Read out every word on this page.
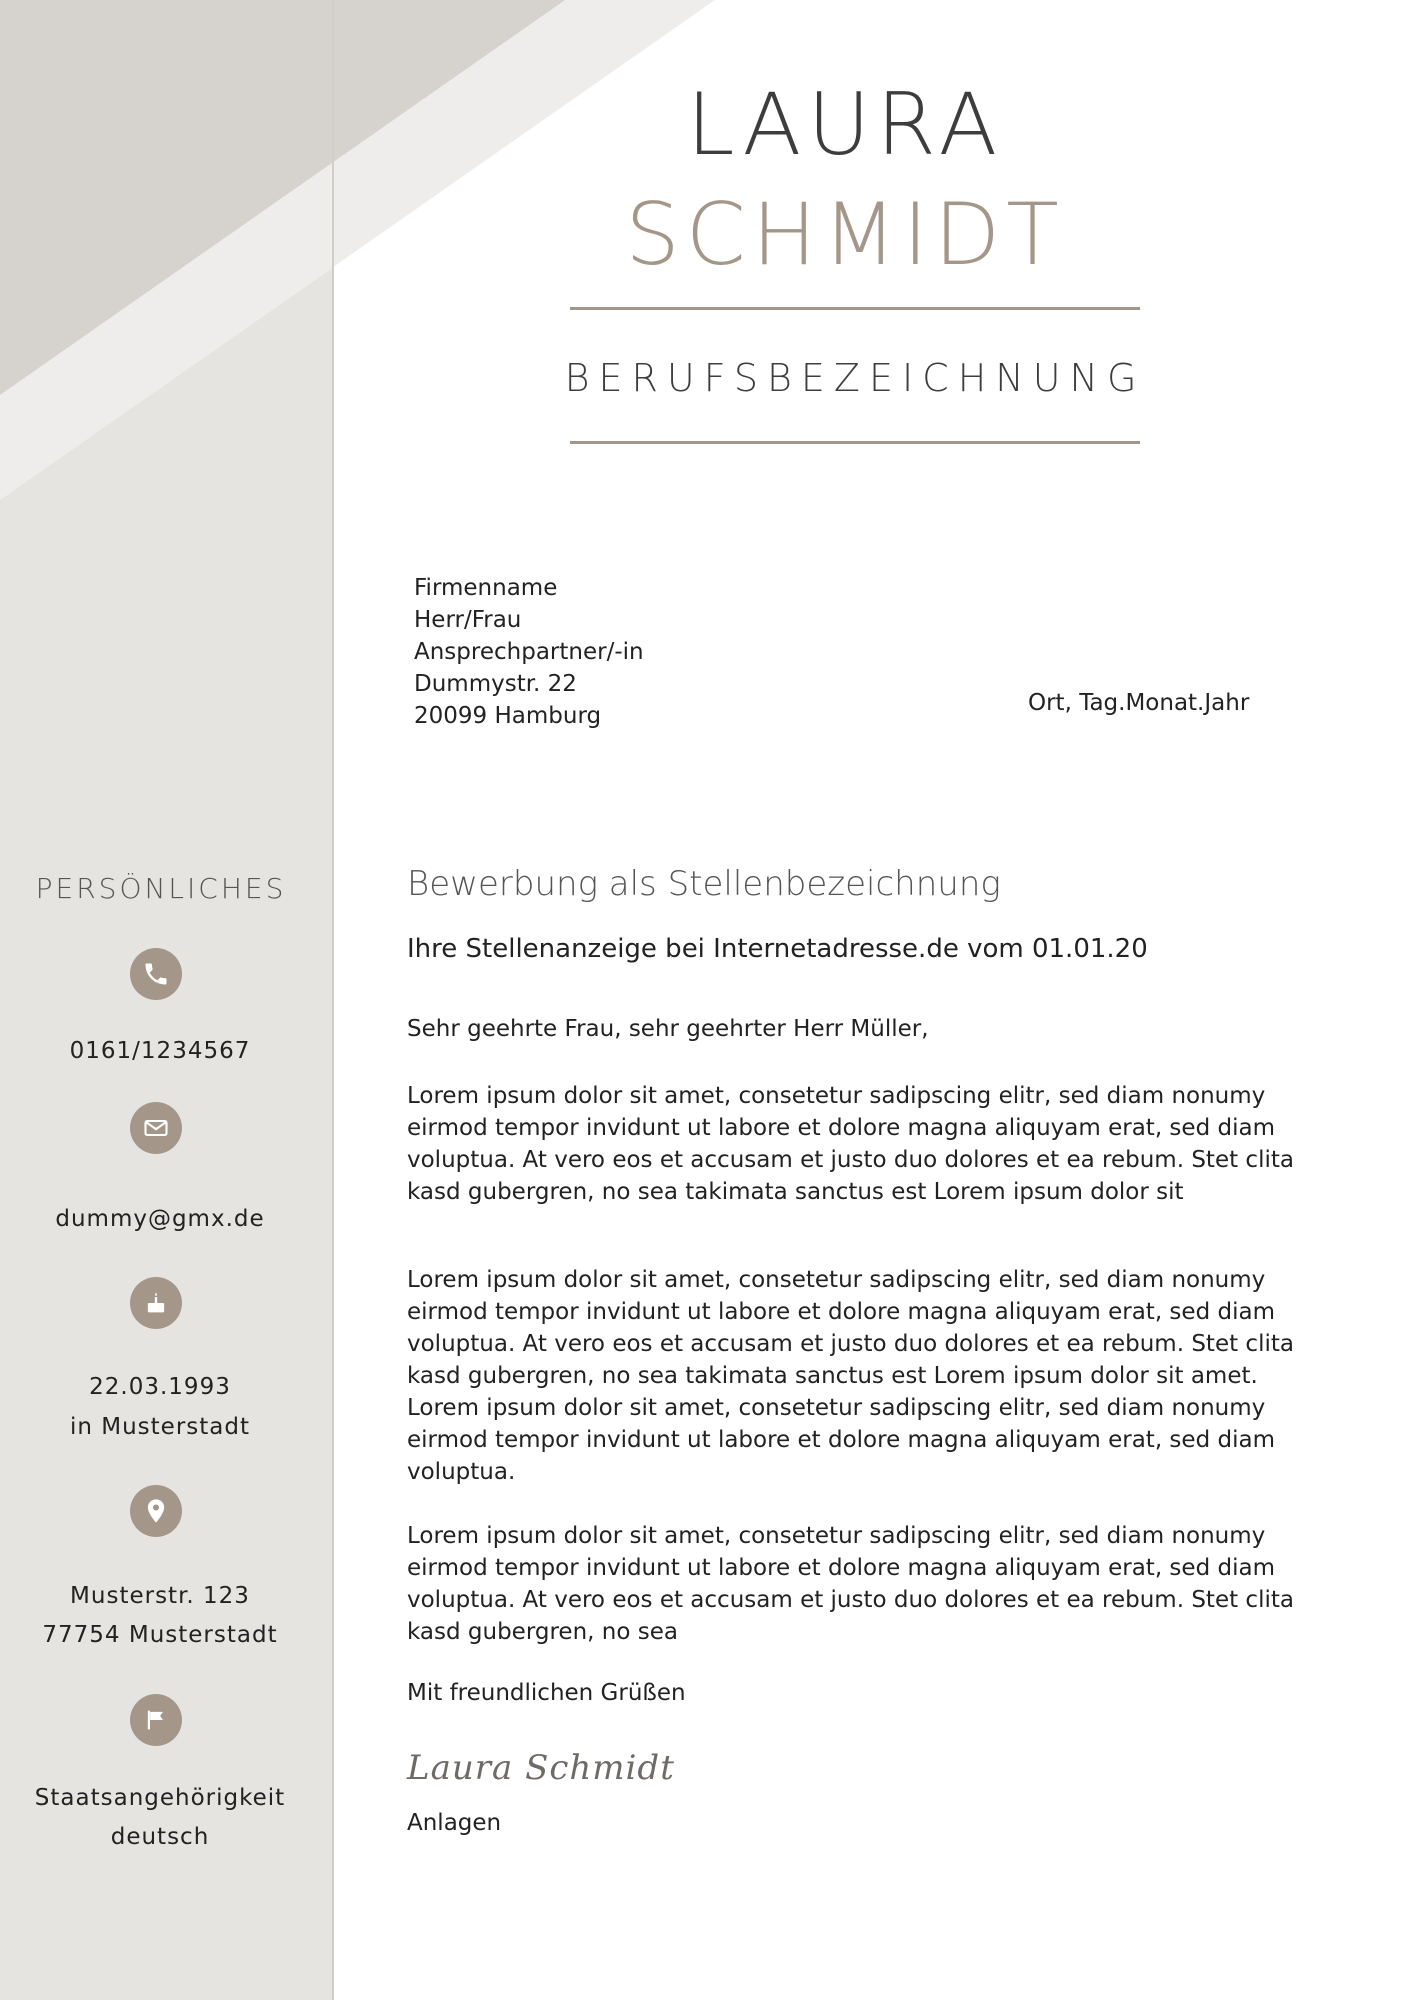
LAURA
SCHMIDT
BERUFSBEZEICHNUNG
Firmenname
Herr/Frau
Ansprechpartner/-in
Dummystr. 22
20099 Hamburg	Ort, Tag.Monat.Jahr
Bewerbung als Stellenbezeichnung
Ihre Stellenanzeige bei Internetadresse.de vom 01.01.20
Sehr geehrte Frau, sehr geehrter Herr Müller,

Lorem ipsum dolor sit amet, consetetur sadipscing elitr, sed diam nonumy eirmod tempor invidunt ut labore et dolore magna aliquyam erat, sed diam voluptua. At vero eos et accusam et justo duo dolores et ea rebum. Stet clita kasd gubergren, no sea takimata sanctus est Lorem ipsum dolor sit

Lorem ipsum dolor sit amet, consetetur sadipscing elitr, sed diam nonumy eirmod tempor invidunt ut labore et dolore magna aliquyam erat, sed diam voluptua. At vero eos et accusam et justo duo dolores et ea rebum. Stet clita kasd gubergren, no sea takimata sanctus est Lorem ipsum dolor sit amet. Lorem ipsum dolor sit amet, consetetur sadipscing elitr, sed diam nonumy eirmod tempor invidunt ut labore et dolore magna aliquyam erat, sed diam voluptua.

Lorem ipsum dolor sit amet, consetetur sadipscing elitr, sed diam nonumy eirmod tempor invidunt ut labore et dolore magna aliquyam erat, sed diam voluptua. At vero eos et accusam et justo duo dolores et ea rebum. Stet clita kasd gubergren, no sea

Mit freundlichen Grüßen
Laura Schmidt
Anlagen
PERSÖNLICHES
0161/1234567
dummy@gmx.de
22.03.1993
in Musterstadt
Musterstr. 123
77754 Musterstadt
Staatsangehörigkeit
deutsch
